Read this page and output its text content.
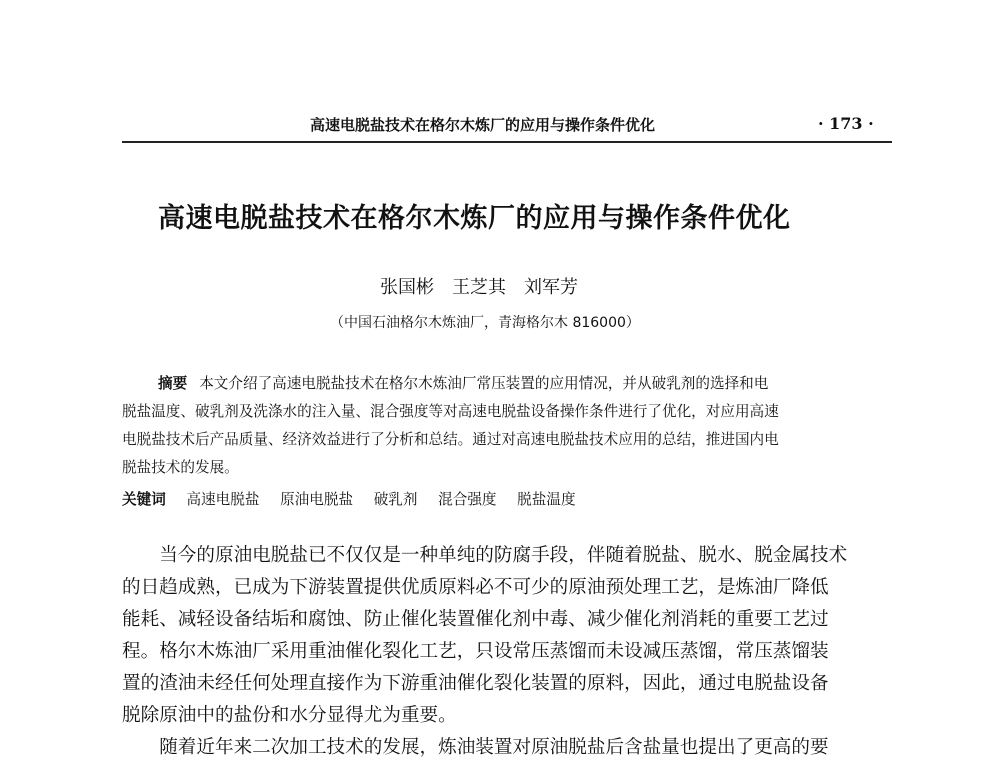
高速电脱盐技术在格尔木炼厂的应用与操作条件优化	· 173 ·
高速电脱盐技术在格尔木炼厂的应用与操作条件优化
张国彬　王芝其　刘军芳
（中国石油格尔木炼油厂，青海格尔木 816000）
摘要 本文介绍了高速电脱盐技术在格尔木炼油厂常压装置的应用情况，并从破乳剂的选择和电
脱盐温度、破乳剂及洗涤水的注入量、混合强度等对高速电脱盐设备操作条件进行了优化，对应用高速
电脱盐技术后产品质量、经济效益进行了分析和总结。通过对高速电脱盐技术应用的总结，推进国内电
脱盐技术的发展。
关键词 高速电脱盐 原油电脱盐 破乳剂 混合强度 脱盐温度
　　当今的原油电脱盐已不仅仅是一种单纯的防腐手段，伴随着脱盐、脱水、脱金属技术
的日趋成熟，已成为下游装置提供优质原料必不可少的原油预处理工艺，是炼油厂降低
能耗、减轻设备结垢和腐蚀、防止催化装置催化剂中毒、减少催化剂消耗的重要工艺过
程。格尔木炼油厂采用重油催化裂化工艺，只设常压蒸馏而未设减压蒸馏，常压蒸馏装
置的渣油未经任何处理直接作为下游重油催化裂化装置的原料，因此，通过电脱盐设备
脱除原油中的盐份和水分显得尤为重要。
　　随着近年来二次加工技术的发展，炼油装置对原油脱盐后含盐量也提出了更高的要
